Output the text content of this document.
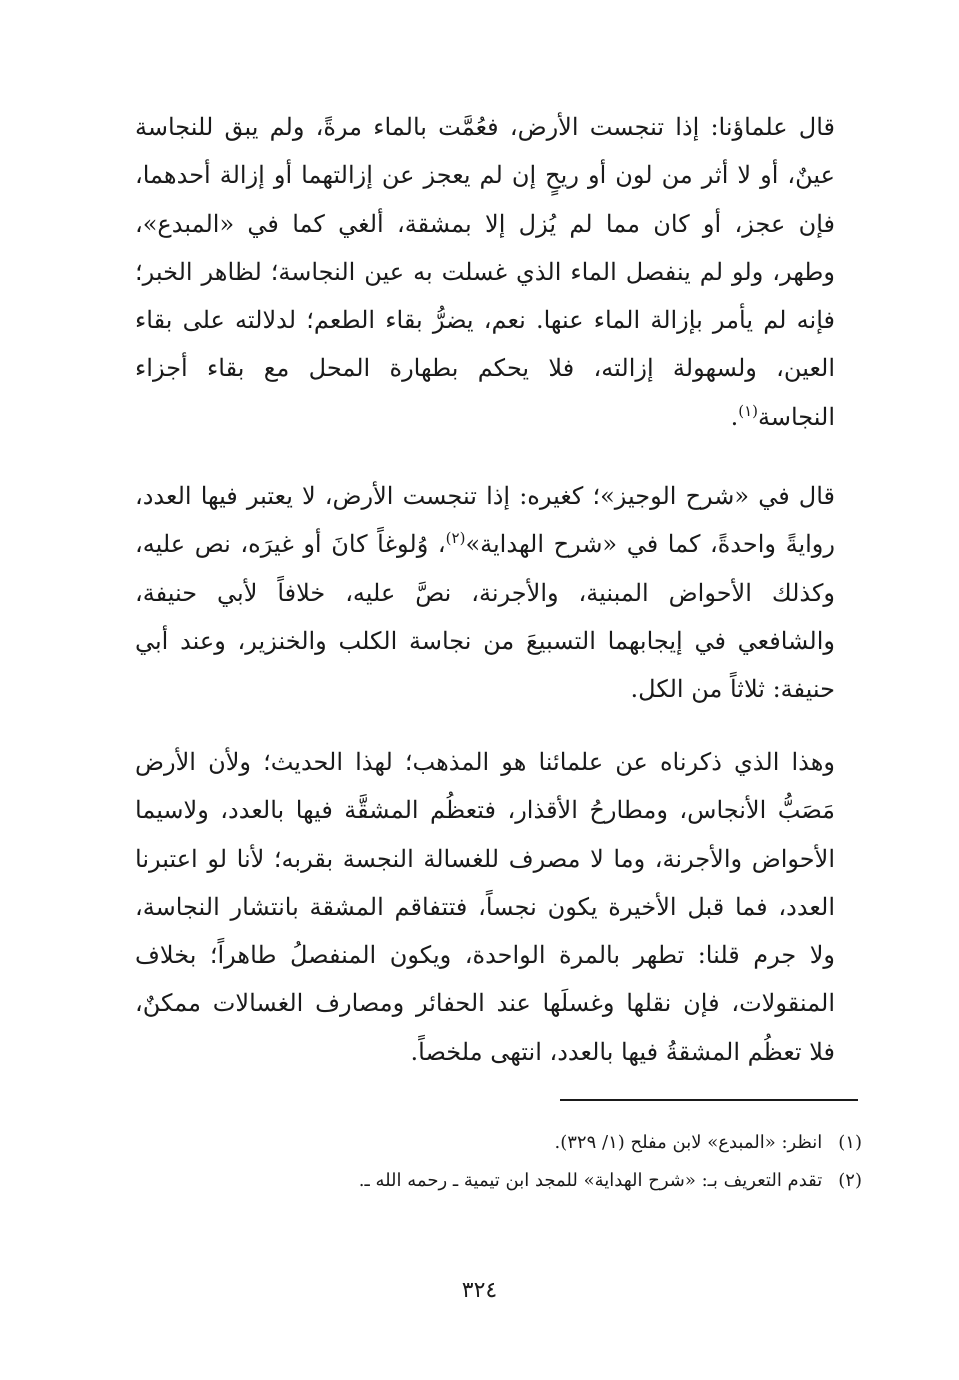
قال علماؤنا: إذا تنجست الأرض، فعُمَّت بالماء مرةً، ولم يبق للنجاسة عينٌ، أو لا أثر من لون أو ريحٍ إن لم يعجز عن إزالتهما أو إزالة أحدهما، فإن عجز، أو كان مما لم يُزل إلا بمشقة، ألغي كما في «المبدع»، وطهر، ولو لم ينفصل الماء الذي غسلت به عين النجاسة؛ لظاهر الخبر؛ فإنه لم يأمر بإزالة الماء عنها. نعم، يضرُّ بقاء الطعم؛ لدلالته على بقاء العين، ولسهولة إزالته، فلا يحكم بطهارة المحل مع بقاء أجزاء النجاسة$^{(١)}$.

قال في «شرح الوجيز»؛ كغيره: إذا تنجست الأرض، لا يعتبر فيها العدد، روايةً واحدةً، كما في «شرح الهداية»$^{(٢)}$، وُلوغاً كانَ أو غيرَه، نص عليه، وكذلك الأحواض المبنية، والأجرنة، نصَّ عليه، خلافاً لأبي حنيفة، والشافعي في إيجابهما التسبيعَ من نجاسة الكلب والخنزير، وعند أبي حنيفة: ثلاثاً من الكل.

وهذا الذي ذكرناه عن علمائنا هو المذهب؛ لهذا الحديث؛ ولأن الأرض مَصَبُّ الأنجاس، ومطارحُ الأقذار، فتعظُم المشقَّة فيها بالعدد، ولاسيما الأحواض والأجرنة، وما لا مصرف للغسالة النجسة بقربه؛ لأنا لو اعتبرنا العدد، فما قبل الأخيرة يكون نجساً، فتتفاقم المشقة بانتشار النجاسة، ولا جرم قلنا: تطهر بالمرة الواحدة، ويكون المنفصلُ طاهراً؛ بخلاف المنقولات، فإن نقلها وغسلَها عند الحفائر ومصارف الغسالات ممكنٌ، فلا تعظُم المشقةُ فيها بالعدد، انتهى ملخصاً.

(١)انظر: «المبدع» لابن مفلح (١/ ٣٢٩).

(٢)تقدم التعريف بـ: «شرح الهداية» للمجد ابن تيمية ـ رحمه الله ـ.

٣٢٤
